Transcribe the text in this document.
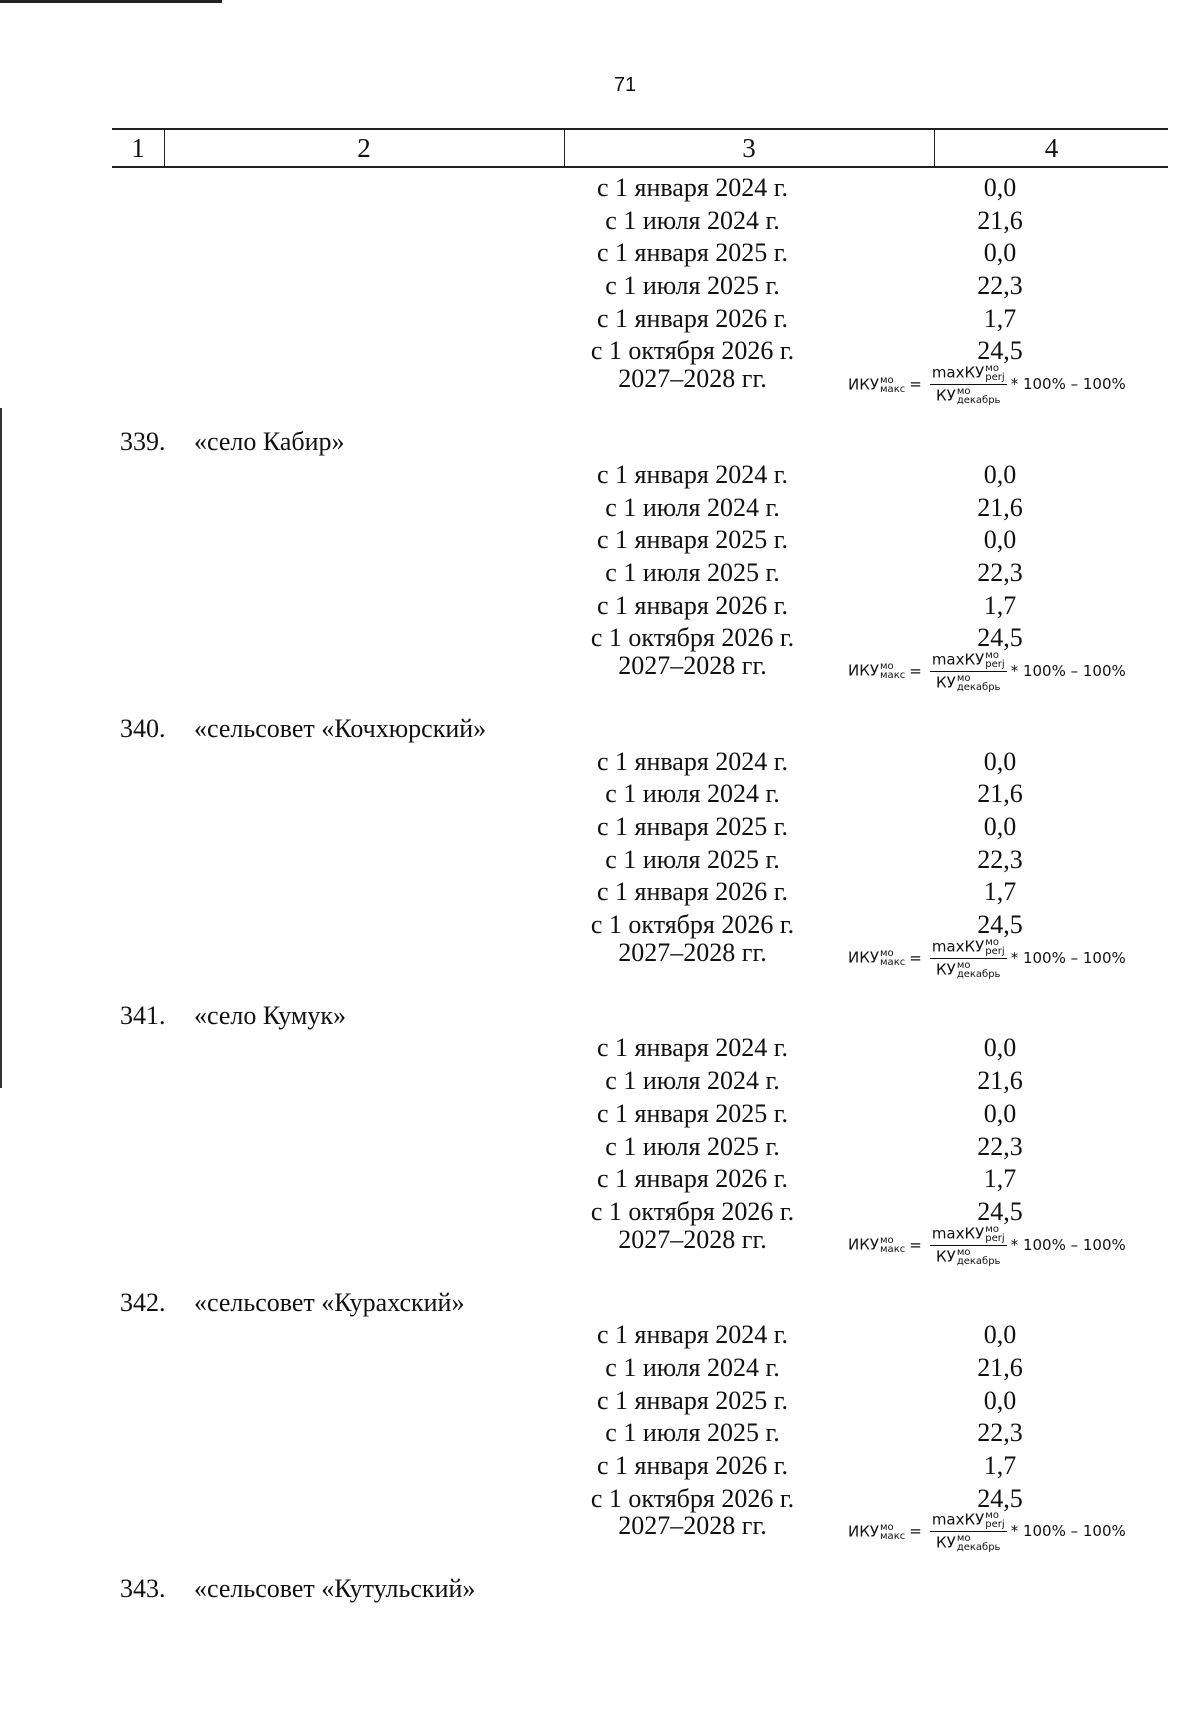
71
1	2	3	4
с 1 января 2024 г.	0,0
с 1 июля 2024 г.	21,6
с 1 января 2025 г.	0,0
с 1 июля 2025 г.	22,3
с 1 января 2026 г.	1,7
с 1 октября 2026 г.	24,5
2027–2028 гг.	ИКУ мо
макс = maxКУ мо
perj
КУ мо
декабрь * 100% – 100%
339. «село Кабир»
с 1 января 2024 г.	0,0
с 1 июля 2024 г.	21,6
с 1 января 2025 г.	0,0
с 1 июля 2025 г.	22,3
с 1 января 2026 г.	1,7
с 1 октября 2026 г.	24,5
2027–2028 гг.	ИКУ мо
макс = maxКУ мо
perj
КУ мо
декабрь * 100% – 100%
340. «сельсовет «Кочхюрский»
с 1 января 2024 г.	0,0
с 1 июля 2024 г.	21,6
с 1 января 2025 г.	0,0
с 1 июля 2025 г.	22,3
с 1 января 2026 г.	1,7
с 1 октября 2026 г.	24,5
2027–2028 гг.	ИКУ мо
макс = maxКУ мо
perj
КУ мо
декабрь * 100% – 100%
341. «село Кумук»
с 1 января 2024 г.	0,0
с 1 июля 2024 г.	21,6
с 1 января 2025 г.	0,0
с 1 июля 2025 г.	22,3
с 1 января 2026 г.	1,7
с 1 октября 2026 г.	24,5
2027–2028 гг.	ИКУ мо
макс = maxКУ мо
perj
КУ мо
декабрь * 100% – 100%
342. «сельсовет «Курахский»
с 1 января 2024 г.	0,0
с 1 июля 2024 г.	21,6
с 1 января 2025 г.	0,0
с 1 июля 2025 г.	22,3
с 1 января 2026 г.	1,7
с 1 октября 2026 г.	24,5
2027–2028 гг.	ИКУ мо
макс = maxКУ мо
perj
КУ мо
декабрь * 100% – 100%
343. «сельсовет «Кутульский»
